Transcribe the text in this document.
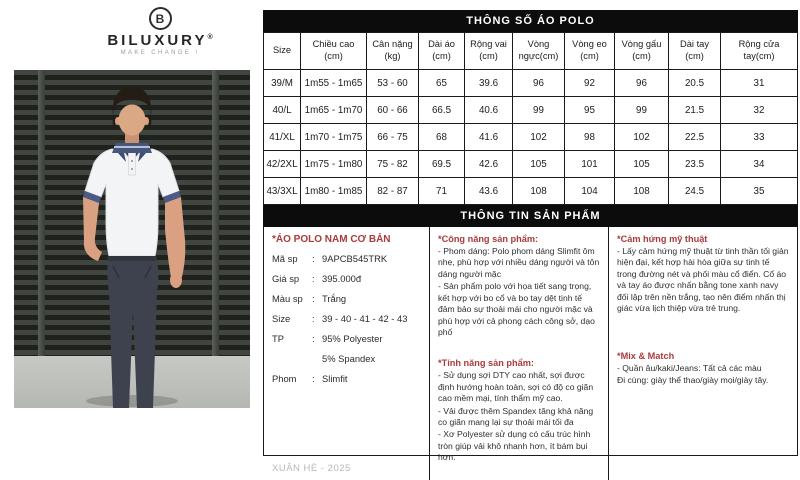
B
BILUXURY®
MAKE CHANGE !
THÔNG SỐ ÁO POLO
Size	Chiều cao (cm)	Cân nặng (kg)	Dài áo (cm)	Rộng vai (cm)	Vòng ngực(cm)	Vòng eo (cm)	Vòng gấu (cm)	Dài tay (cm)	Rộng cửa tay(cm)
39/M	1m55 - 1m65	53 - 60	65	39.6	96	92	96	20.5	31
40/L	1m65 - 1m70	60 - 66	66.5	40.6	99	95	99	21.5	32
41/XL	1m70 - 1m75	66 - 75	68	41.6	102	98	102	22.5	33
42/2XL	1m75 - 1m80	75 - 82	69.5	42.6	105	101	105	23.5	34
43/3XL	1m80 - 1m85	82 - 87	71	43.6	108	104	108	24.5	35
THÔNG TIN SẢN PHẨM
*ÁO POLO NAM CƠ BẢN
Mã sp	: 9APCB545TRK
Giá sp	: 395.000đ
Màu sp : Trắng
Size	: 39 - 40 - 41 - 42 - 43
TP	: 95% Polyester
5% Spandex
Phom	: Slimfit
XUÂN HÈ - 2025
*Công năng sản phẩm:
- Phom dáng: Polo phom dáng Slimfit ôm nhẹ, phù hợp với nhiều dáng người và tôn dáng người mặc
- Sản phẩm polo với họa tiết sang trọng, kết hợp với bo cổ và bo tay dệt tinh tế đảm bảo sự thoải mái cho người mặc và phù hợp với cả phong cách công sở, dạo phố
*Tính năng sản phẩm:
- Sử dụng sợi DTY cao nhất, sợi được định hướng hoàn toàn, sợi có độ co giãn cao mềm mại, tính thẩm mỹ cao.
- Vải được thêm Spandex tăng khả năng co giãn mang lại sự thoải mái tối đa
- Xơ Polyester sử dụng có cấu trúc hình tròn giúp vải khô nhanh hơn, ít bám bụi hơn.
*Cảm hứng mỹ thuật
- Lấy cảm hứng mỹ thuật từ tinh thần tối giản hiện đại, kết hợp hài hòa giữa sự tinh tế trong đường nét và phối màu cổ điển. Cổ áo và tay áo được nhấn bằng tone xanh navy đối lập trên nền trắng, tạo nên điểm nhấn thị giác vừa lịch thiệp vừa trẻ trung.
*Mix & Match
- Quần âu/kaki/Jeans: Tất cả các màu
Đi cùng: giày thể thao/giày mọi/giày tây.
